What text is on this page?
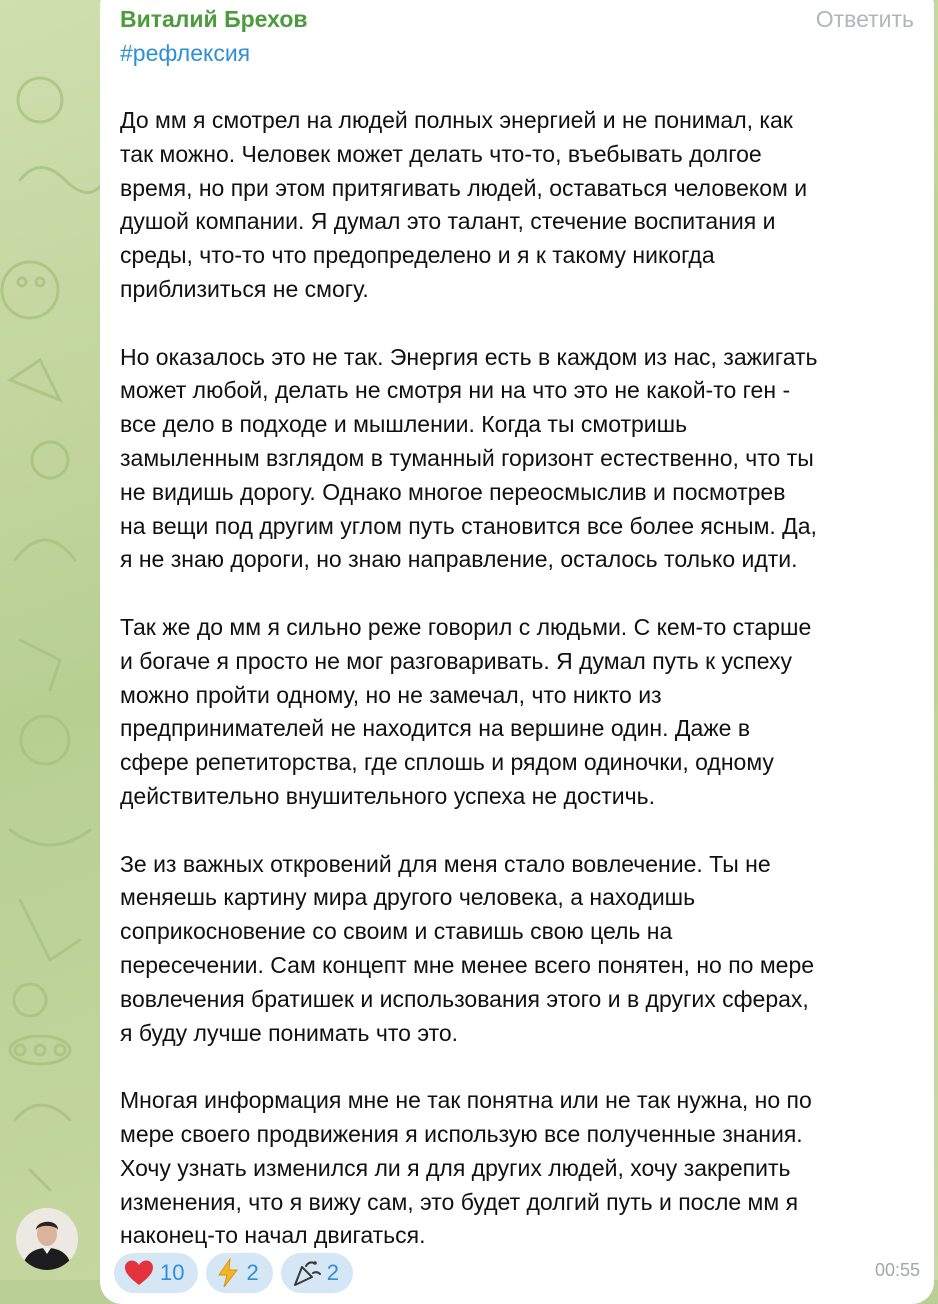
Виталий Брехов	Ответить
#рефлексия

До мм я смотрел на людей полных энергией и не понимал, как
так можно. Человек может делать что-то, въебывать долгое
время, но при этом притягивать людей, оставаться человеком и
душой компании. Я думал это талант, стечение воспитания и
среды, что-то что предопределено и я к такому никогда
приблизиться не смогу.

Но оказалось это не так. Энергия есть в каждом из нас, зажигать
может любой, делать не смотря ни на что это не какой-то ген -
все дело в подходе и мышлении. Когда ты смотришь
замыленным взглядом в туманный горизонт естественно, что ты
не видишь дорогу. Однако многое переосмыслив и посмотрев
на вещи под другим углом путь становится все более ясным. Да,
я не знаю дороги, но знаю направление, осталось только идти.

Так же до мм я сильно реже говорил с людьми. С кем-то старше
и богаче я просто не мог разговаривать. Я думал путь к успеху
можно пройти одному, но не замечал, что никто из
предпринимателей не находится на вершине один. Даже в
сфере репетиторства, где сплошь и рядом одиночки, одному
действительно внушительного успеха не достичь.

Зе из важных откровений для меня стало вовлечение. Ты не
меняешь картину мира другого человека, а находишь
соприкосновение со своим и ставишь свою цель на
пересечении. Сам концепт мне менее всего понятен, но по мере
вовлечения братишек и использования этого и в других сферах,
я буду лучше понимать что это.

Многая информация мне не так понятна или не так нужна, но по
мере своего продвижения я использую все полученные знания.
Хочу узнать изменился ли я для других людей, хочу закрепить
изменения, что я вижу сам, это будет долгий путь и после мм я
наконец-то начал двигаться.

10	2	2	00:55
